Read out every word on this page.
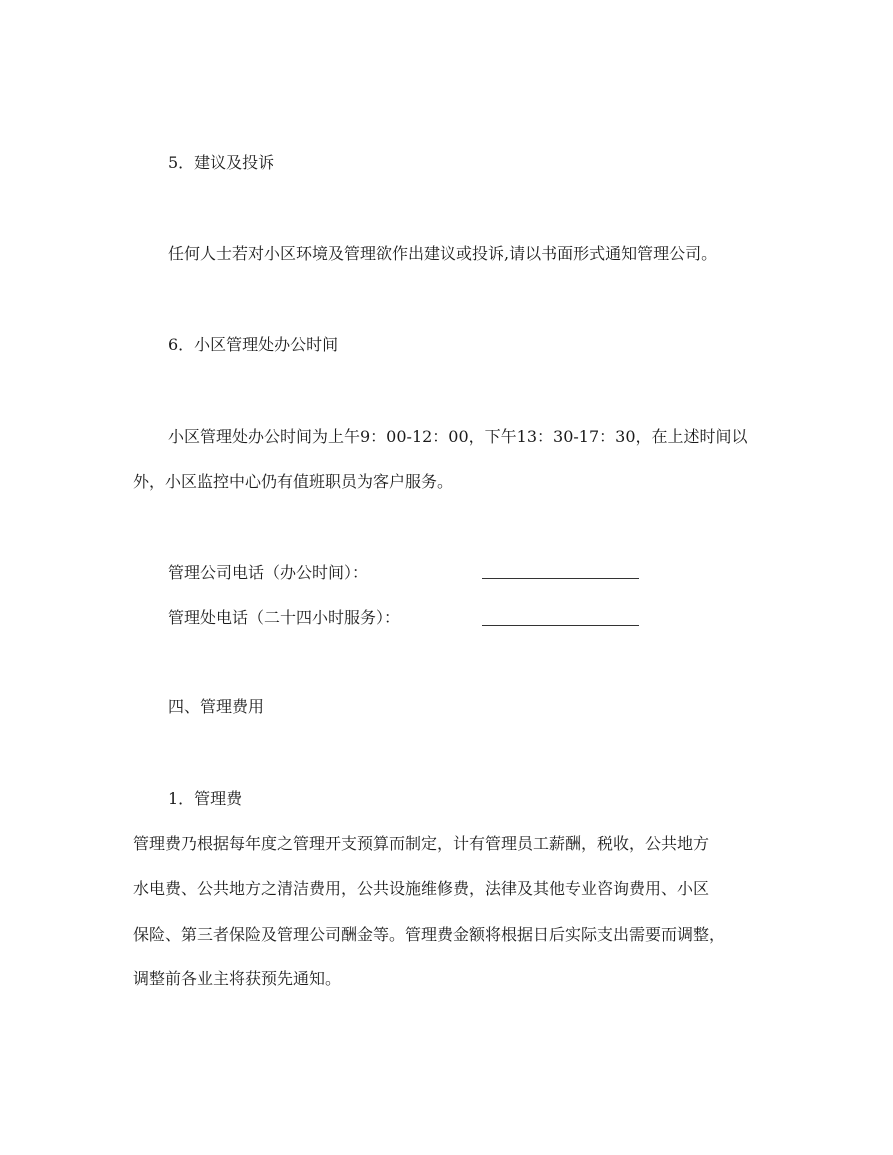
5．建议及投诉

任何人士若对小区环境及管理欲作出建议或投诉,请以书面形式通知管理公司。

6．小区管理处办公时间

小区管理处办公时间为上午9：00-12：00，下午13：30-17：30，在上述时间以

外，小区监控中心仍有值班职员为客户服务。

管理公司电话（办公时间）：

管理处电话（二十四小时服务）：

四、管理费用

1．管理费

管理费乃根据每年度之管理开支预算而制定，计有管理员工薪酬，税收，公共地方

水电费、公共地方之清洁费用，公共设施维修费，法律及其他专业咨询费用、小区

保险、第三者保险及管理公司酬金等。管理费金额将根据日后实际支出需要而调整，

调整前各业主将获预先通知。
